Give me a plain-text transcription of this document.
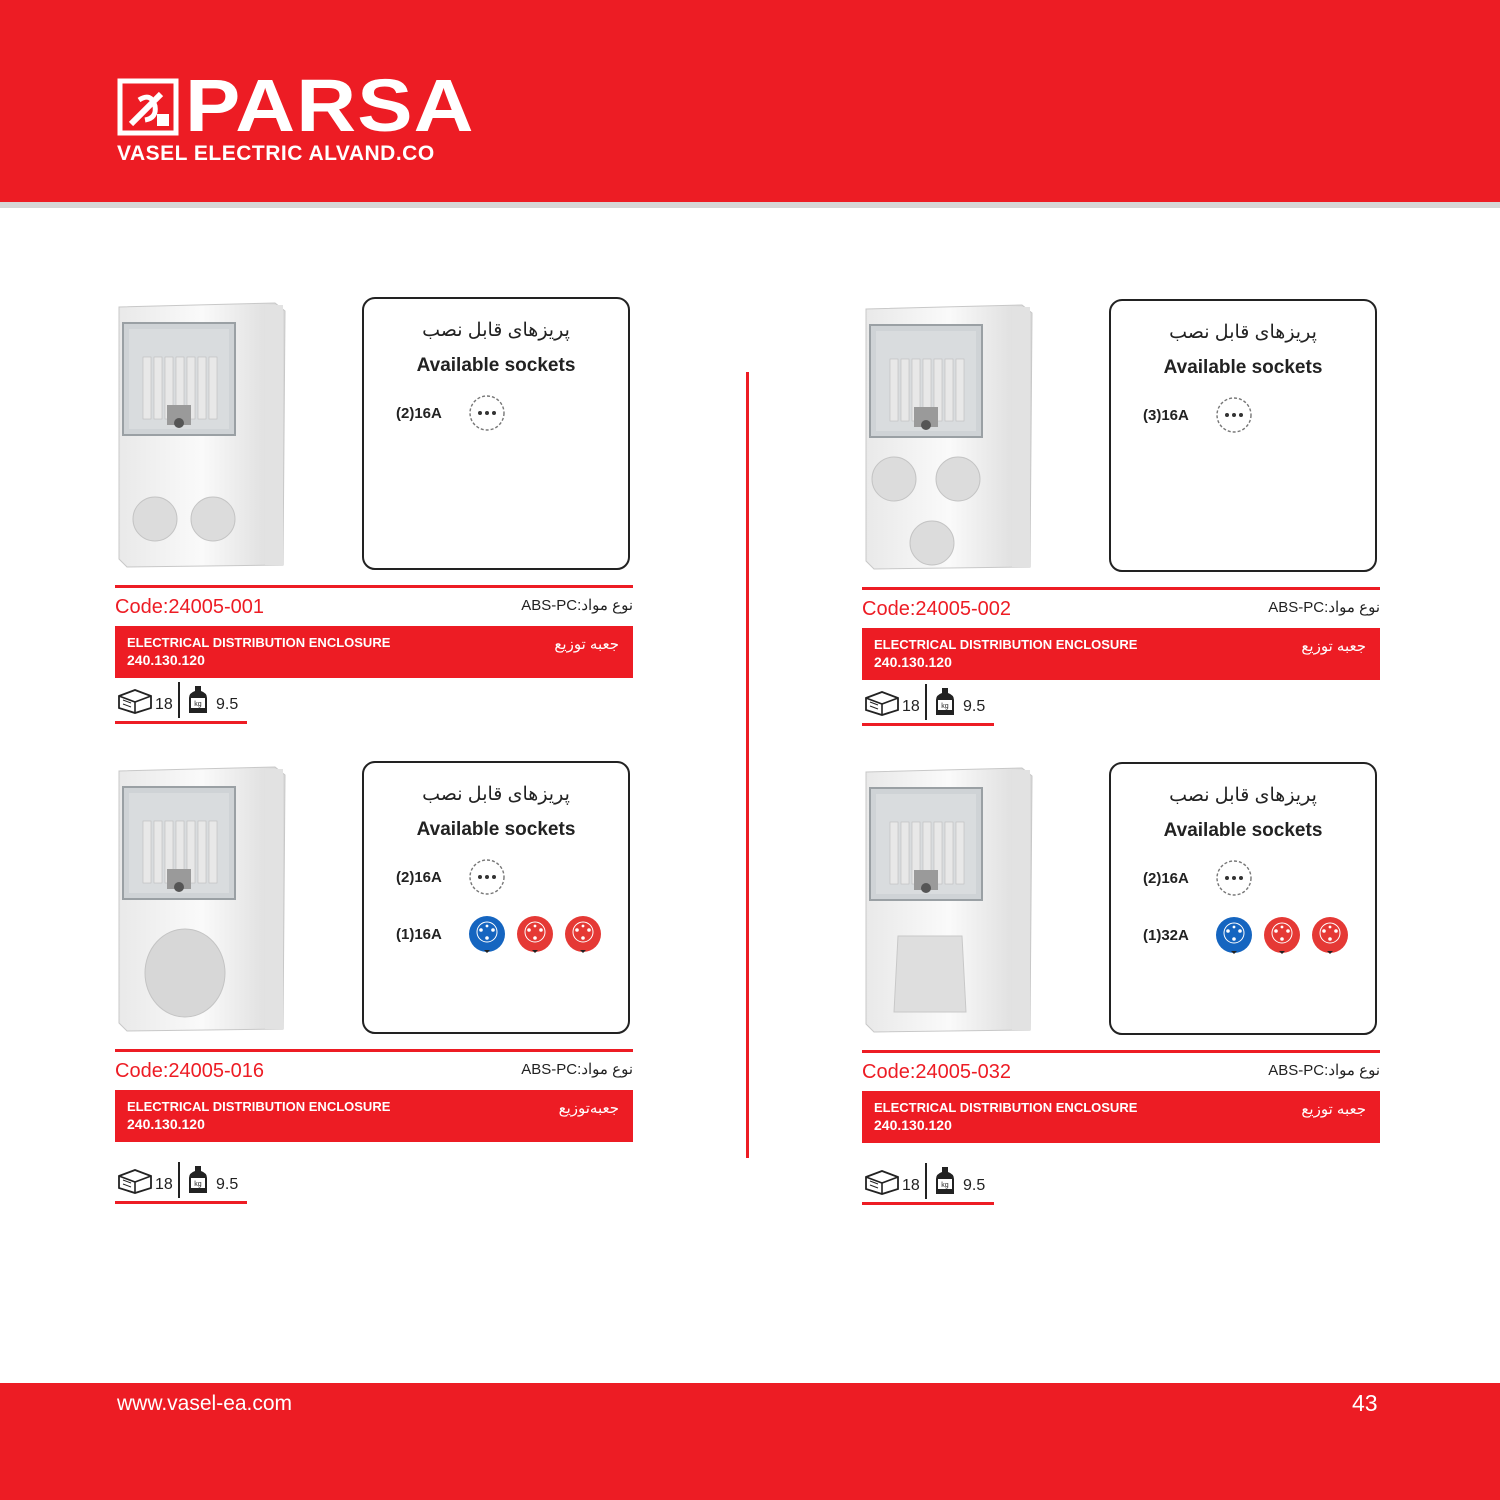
PARSA
VASEL ELECTRIC ALVAND.CO
پریزهای قابل نصب
Available sockets
(2)16A
Code:24005-001	نوع مواد:ABS-PC
ELECTRICAL DISTRIBUTION ENCLOSURE
240.130.120
جعبه توزیع
18	kg 9.5
پریزهای قابل نصب
Available sockets
(3)16A
Code:24005-002	نوع مواد:ABS-PC
ELECTRICAL DISTRIBUTION ENCLOSURE
240.130.120
جعبه توزیع
18	kg 9.5
پریزهای قابل نصب
Available sockets
(2)16A
(1)16A
Code:24005-016	نوع مواد:ABS-PC
ELECTRICAL DISTRIBUTION ENCLOSURE
240.130.120
جعبه‌توزیع
18	kg 9.5
پریزهای قابل نصب
Available sockets
(2)16A
(1)32A
Code:24005-032	نوع مواد:ABS-PC
ELECTRICAL DISTRIBUTION ENCLOSURE
240.130.120
جعبه توزیع
18	kg 9.5
www.vasel-ea.com	43
